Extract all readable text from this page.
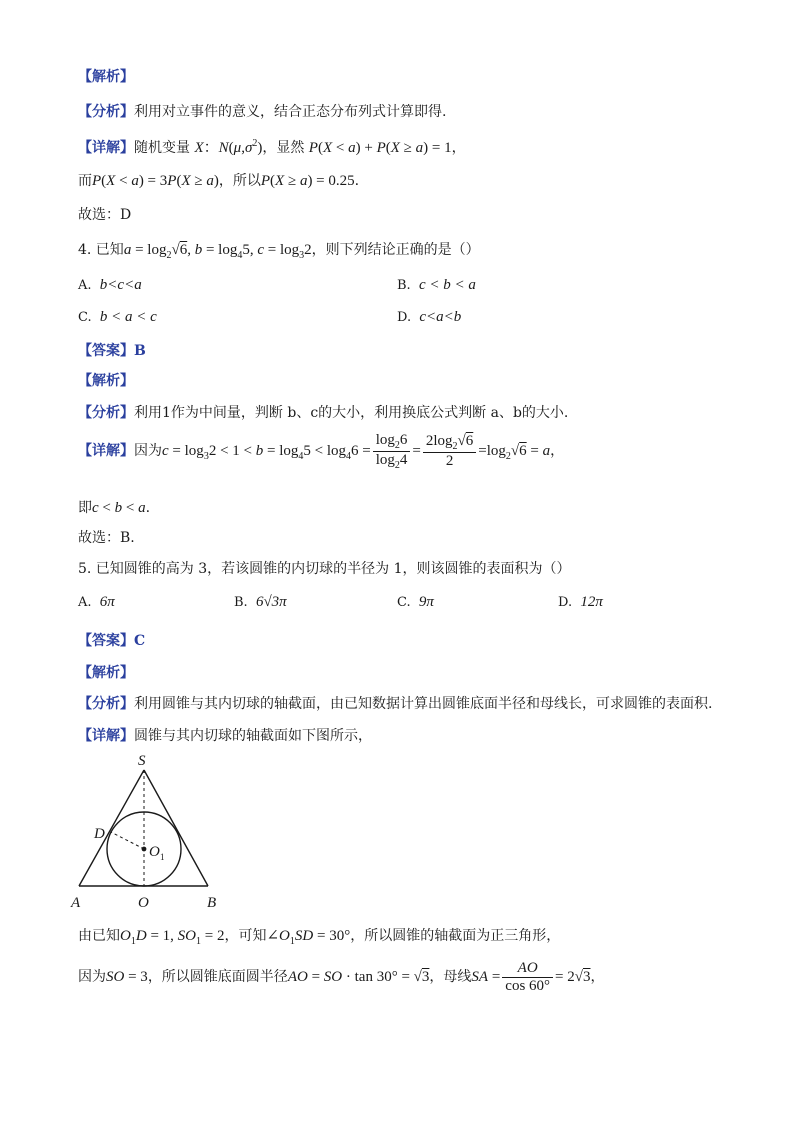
【解析】
【分析】利用对立事件的意义，结合正态分布列式计算即得.
【详解】随机变量 X：$N(\mu,\sigma^2)$，显然 P(X < a) + P(X ≥ a) = 1，
而P(X < a) = 3P(X ≥ a)，所以P(X ≥ a) = 0.25.
故选：D
4. 已知$a = \log_2√6$, $b = \log_45$, $c = \log_32$，则下列结论正确的是（）
A. b<c<a	B. c < b < a
C. b < a < c	D. c<a<b
【答案】B
【解析】
【分析】利用1作为中间量，判断 b、c的大小，利用换底公式判断 a、b的大小.
【详解】因为$c = \log_32 < 1 < b = \log_45 < \log_46 = \frac{\log_26}{\log_24} = \frac{2\log_2√6}{2} =\log_2√6 = a$，
即c < b < a.
故选：B.
5. 已知圆锥的高为 3，若该圆锥的内切球的半径为 1，则该圆锥的表面积为（）
A. 6π	B. 6√3π	C. 9π	D. 12π
【答案】C
【解析】
【分析】利用圆锥与其内切球的轴截面，由已知数据计算出圆锥底面半径和母线长，可求圆锥的表面积.
【详解】圆锥与其内切球的轴截面如下图所示，
S
D
O 1
A	O	B
由已知$O_1D = 1$, $SO_1 = 2$，可知$\angle O_1SD = 30^\circ$，所以圆锥的轴截面为正三角形，
因为SO = 3，所以圆锥底面圆半径AO = SO · tan 30° = √3，母线SA = $\frac{AO}{\cos 60^\circ} = 2√3$，
